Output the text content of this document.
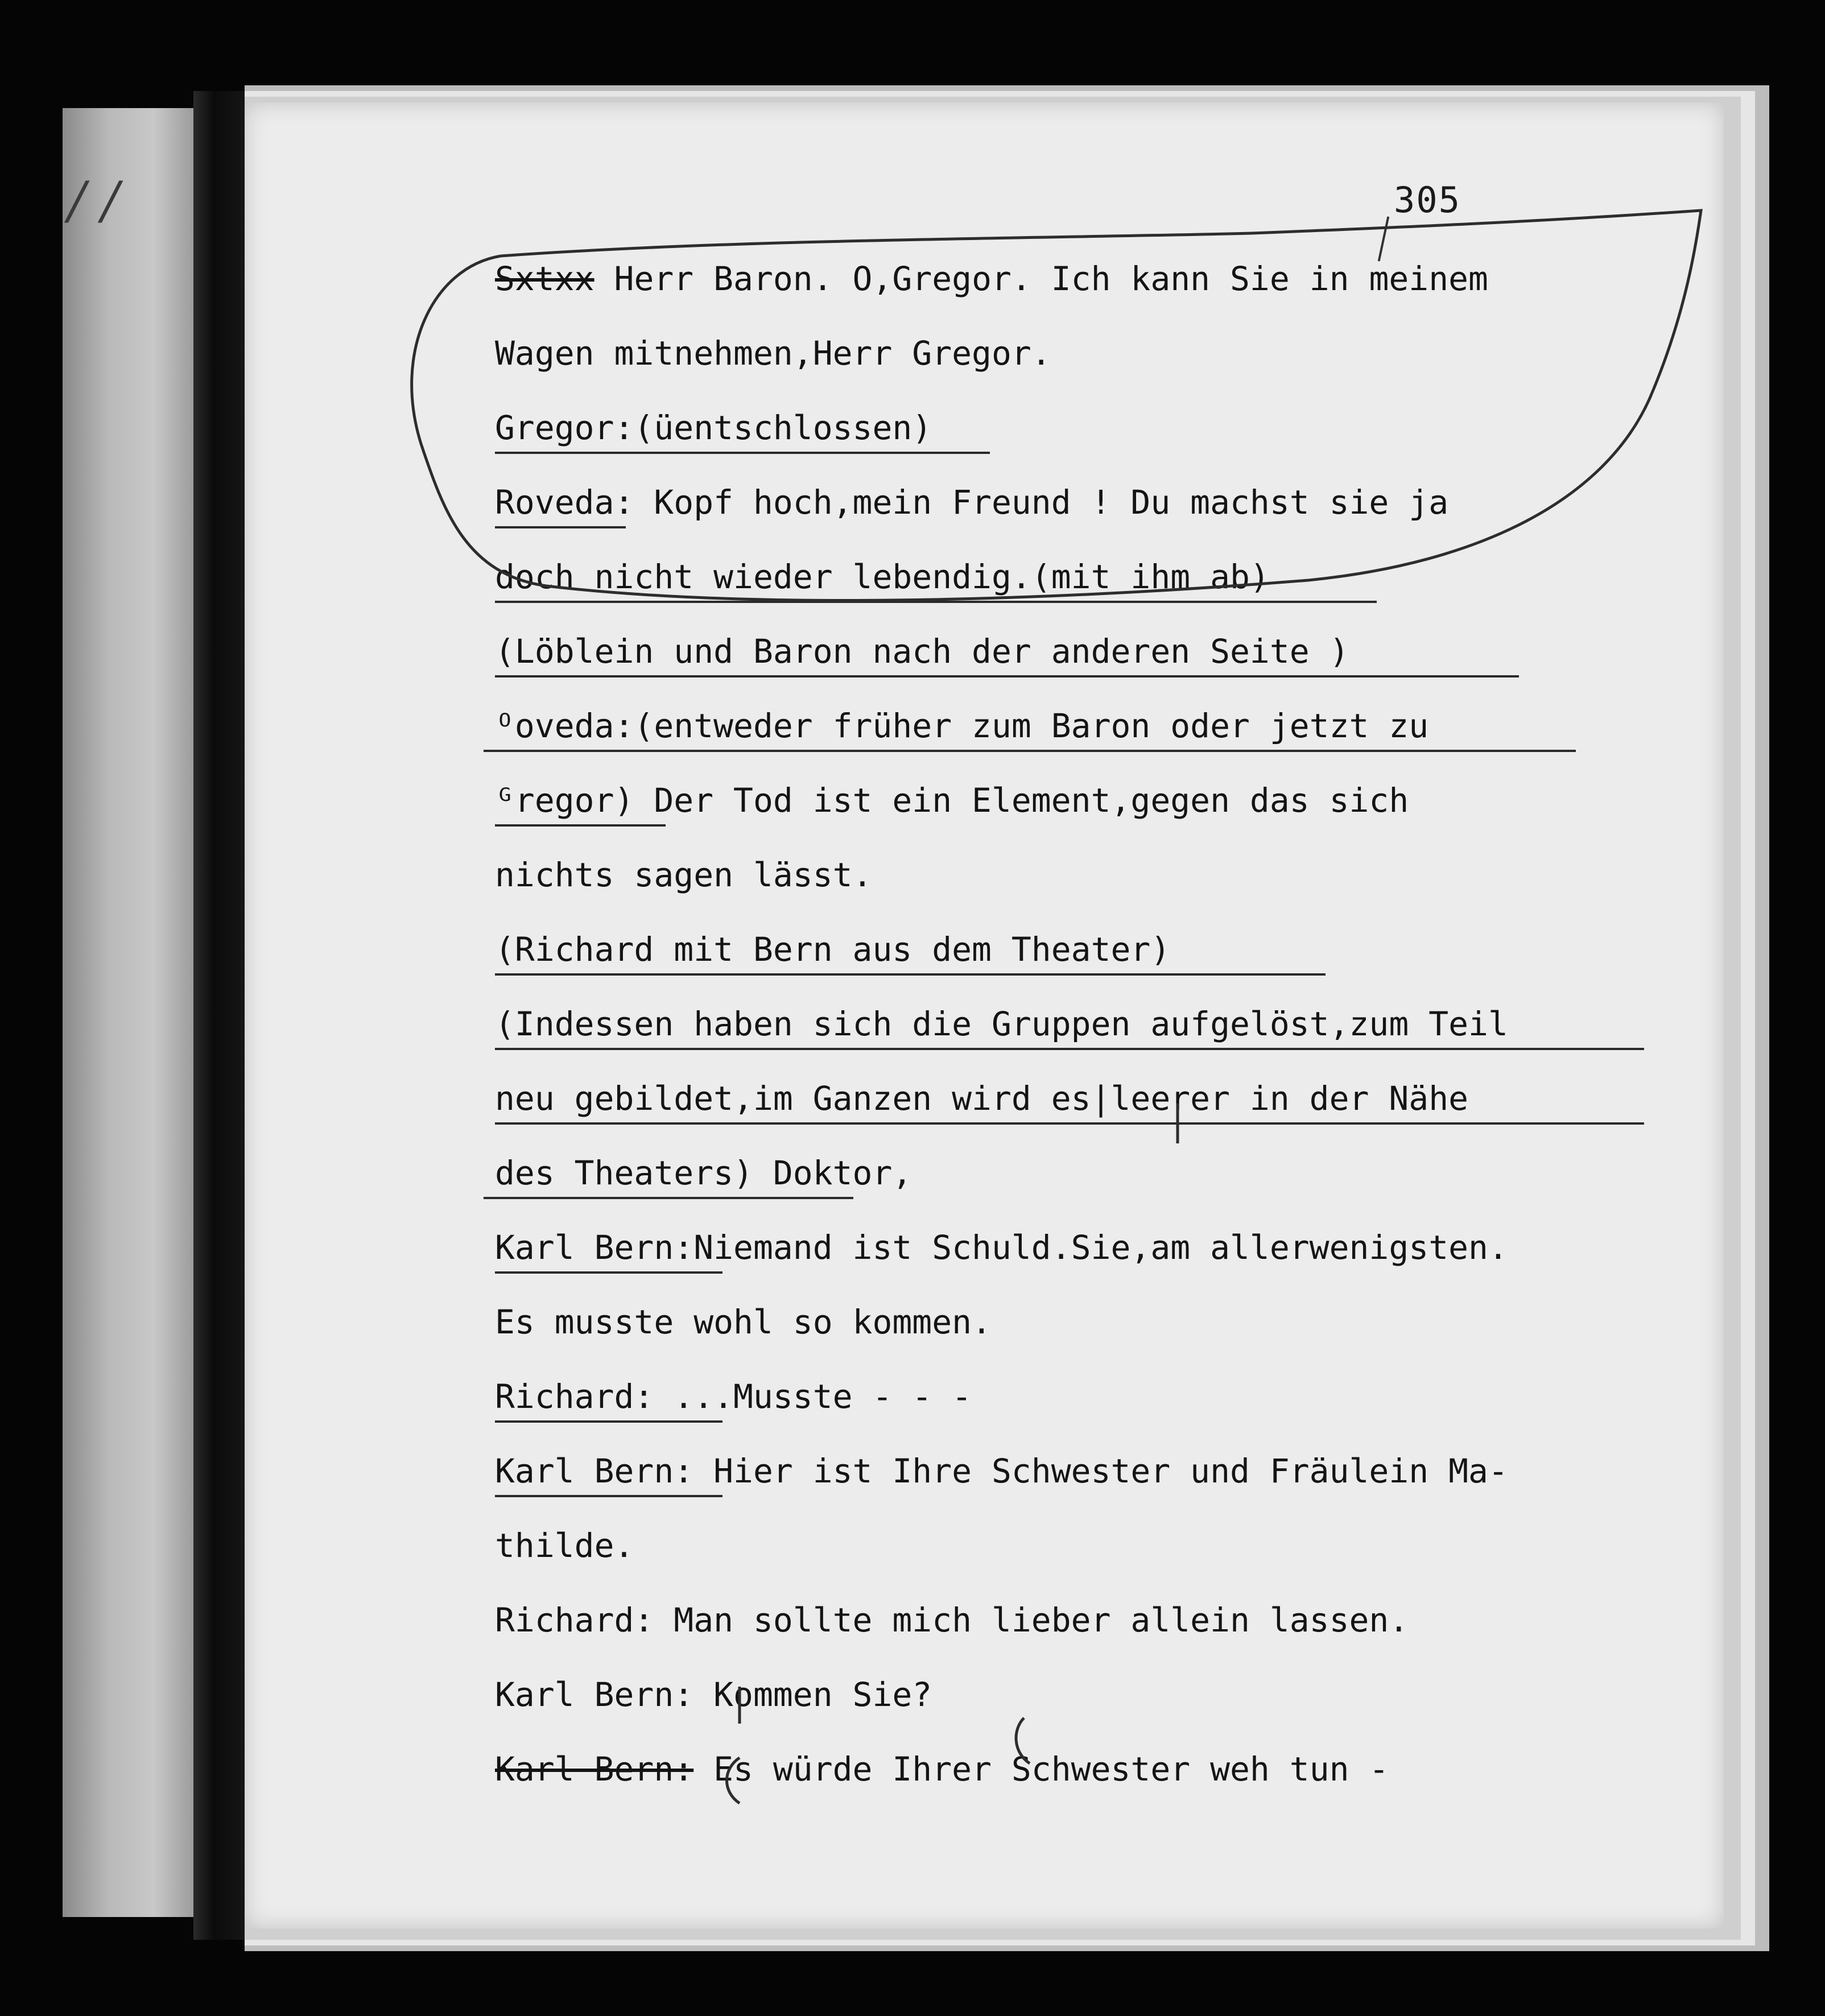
/ /	305
Sxtxx Herr Baron. O,Gregor. Ich kann Sie in meinem
Wagen mitnehmen,Herr Gregor.
Gregor:(üentschlossen)
Roveda: Kopf hoch,mein Freund ! Du machst sie ja
doch nicht wieder lebendig.(mit ihm ab)
(Löblein und Baron nach der anderen Seite )
ᴼoveda:(entweder früher zum Baron oder jetzt zu
ᴳregor) Der Tod ist ein Element,gegen das sich
nichts sagen lässt.
(Richard mit Bern aus dem Theater)
(Indessen haben sich die Gruppen aufgelöst,zum Teil
neu gebildet,im Ganzen wird es|leerer in der Nähe
des Theaters) Doktor,
Karl Bern:Niemand ist Schuld.Sie,am allerwenigsten.
Es musste wohl so kommen.
Richard: ...Musste - - -
Karl Bern: Hier ist Ihre Schwester und Fräulein Ma-
thilde.
Richard: Man sollte mich lieber allein lassen.
Karl Bern: Kommen Sie?
Karl Bern: Es würde Ihrer Schwester weh tun -
